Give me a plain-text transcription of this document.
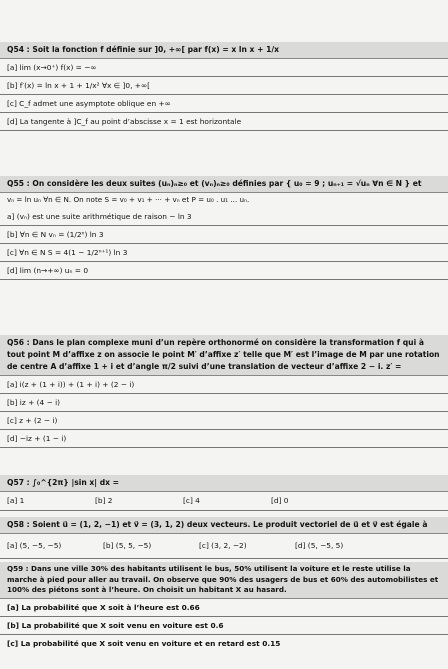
Q54 : Soit la fonction f définie sur ]0, +∞[ par f(x) = x ln x + 1/x
[a] lim (x→0⁺) f(x) = −∞
[b] f′(x) = ln x + 1 + 1/x² ∀x ∈ ]0, +∞[
[c] C_f admet une asymptote oblique en +∞
[d] La tangente à ]C_f au point d’abscisse x = 1 est horizontale
Q55 : On considère les deux suites (uₙ)ₙ≥₀ et (vₙ)ₙ≥₀ définies par { u₀ = 9 ; uₙ₊₁ = √uₙ ∀n ∈ N } et
vₙ = ln uₙ ∀n ∈ N. On note S = v₀ + v₁ + ··· + vₙ et P = u₀ . u₁ ... uₙ.
a] (vₙ) est une suite arithmétique de raison − ln 3
[b] ∀n ∈ N vₙ = (1/2ⁿ) ln 3
[c] ∀n ∈ N S = 4(1 − 1/2ⁿ⁺¹) ln 3
[d] lim (n→+∞) uₙ = 0
Q56 : Dans le plan complexe muni d’un repère orthonormé on considère la transformation f qui à tout point M d’affixe z on associe le point M′ d’affixe z′ telle que M′ est l’image de M par une rotation de centre A d’affixe 1 + i et d’angle π/2 suivi d’une translation de vecteur d’affixe 2 − i. z′ =
[a] i(z + (1 + i)) + (1 + i) + (2 − i)
[b] iz + (4 − i)
[c] z + (2 − i)
[d] −iz + (1 − i)
Q57 : ∫₀^{2π} |sin x| dx =
[a] 1	[b] 2	[c] 4	[d] 0
Q58 : Soient u⃗ = (1, 2, −1) et v⃗ = (3, 1, 2) deux vecteurs. Le produit vectoriel de u⃗ et v⃗ est égale à
[a] (5, −5, −5)	[b] (5, 5, −5)	[c] (3, 2, −2)	[d] (5, −5, 5)
Q59 : Dans une ville 30% des habitants utilisent le bus, 50% utilisent la voiture et le reste utilise la marche à pied pour aller au travail. On observe que 90% des usagers de bus et 60% des automobilistes et 100% des piétons sont à l’heure. On choisit un habitant X au hasard.
[a] La probabilité que X soit à l’heure est 0.66
[b] La probabilité que X soit venu en voiture est 0.6
[c] La probabilité que X soit venu en voiture et en retard est 0.15
